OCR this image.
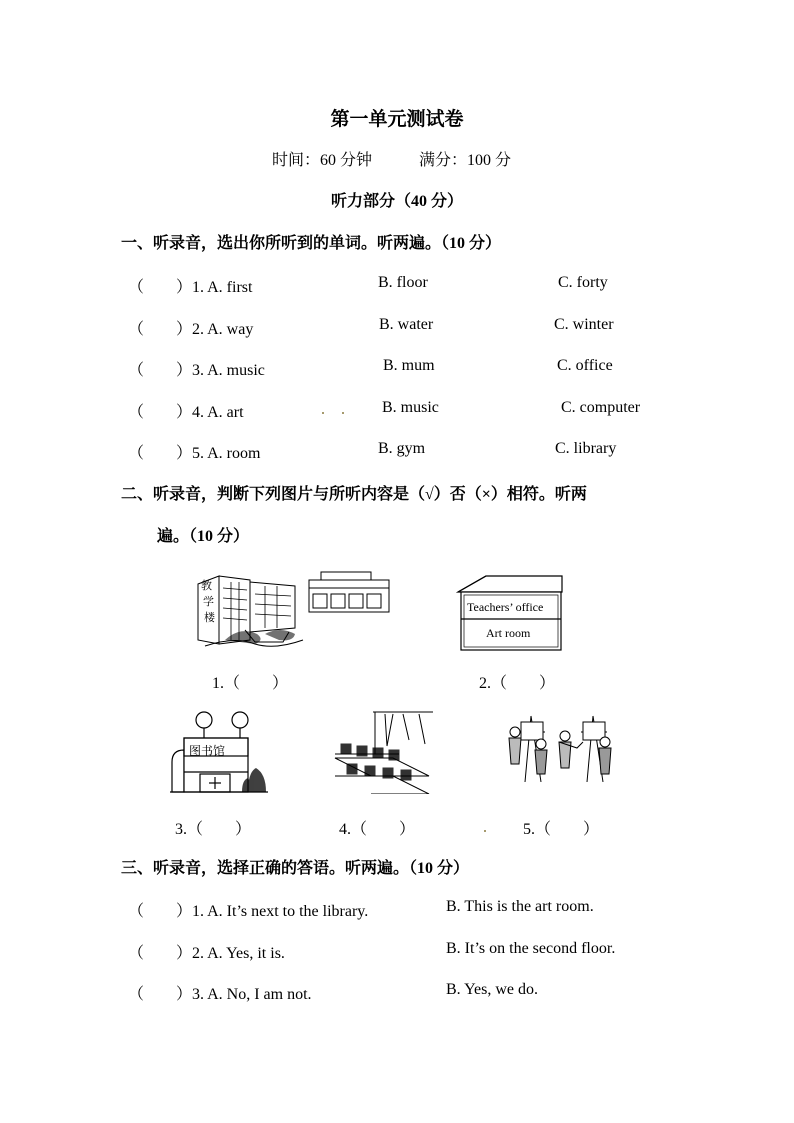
第一单元测试卷
时间：60 分钟	满分：100 分
听力部分（40 分）
一、听录音，选出你所听到的单词。听两遍。（10 分）
（ ）1. A. first	B. floor	C. forty
（ ）2. A. way	B. water	C. winter
（ ）3. A. music	B. mum	C. office
（ ）4. A. art	B. music	C. computer
（ ）5. A. room	B. gym	C. library
二、听录音，判断下列图片与所听内容是（√）否（×）相符。听两
遍。（10 分）
教
学
楼
Teachers’ office
Art room
1.（　　）	2.（　　）
图书馆
3.（　　）	4.（　　）	5.（　　）
三、听录音，选择正确的答语。听两遍。（10 分）
（ ）1. A. It’s next to the library.	B. This is the art room.
（ ）2. A. Yes, it is.	B. It’s on the second floor.
（ ）3. A. No, I am not.	B. Yes, we do.
